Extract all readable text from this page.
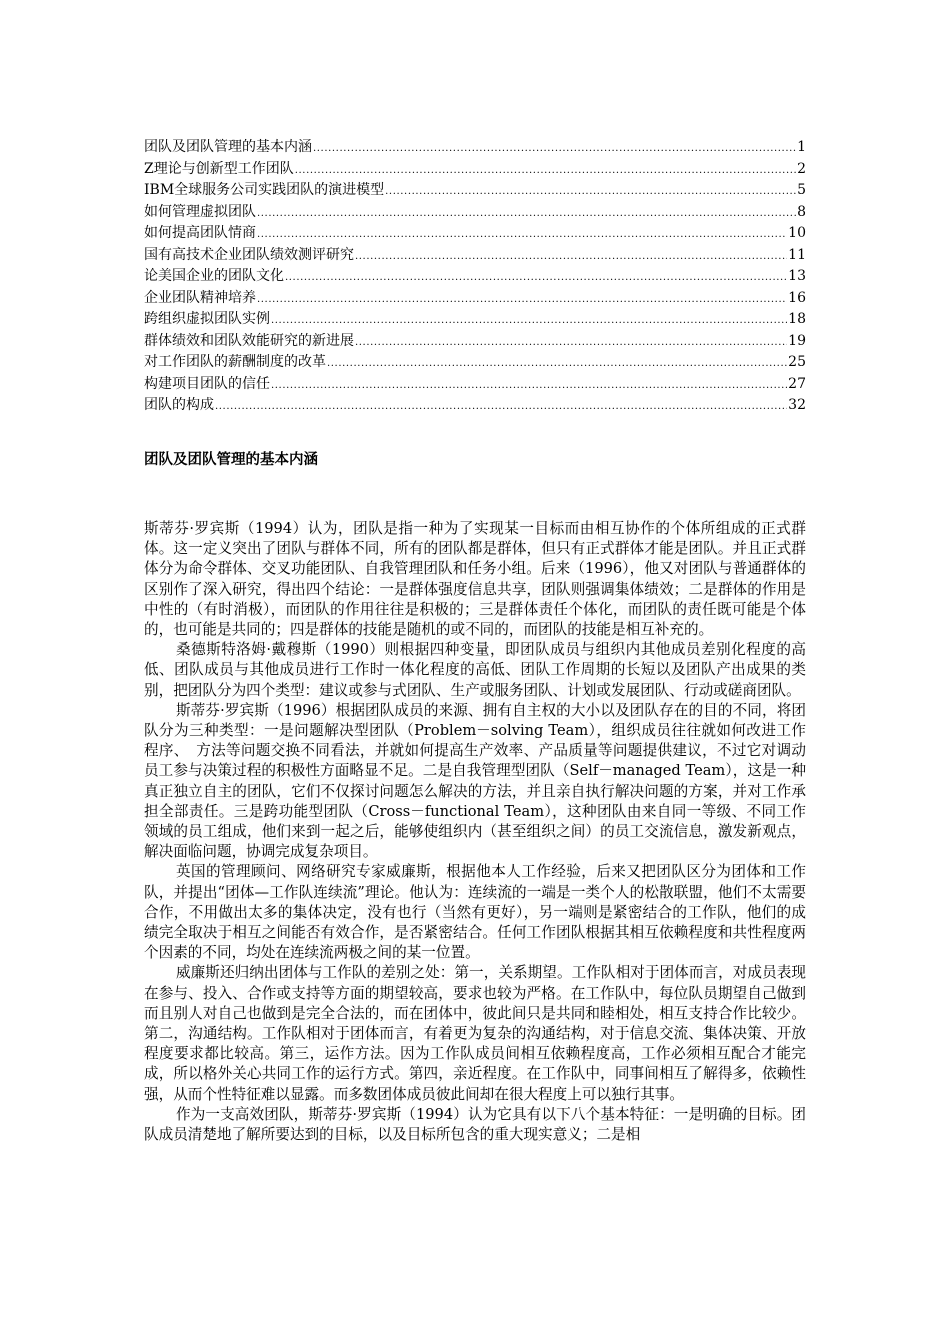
团队及团队管理的基本内涵 .....	1
Z理论与创新型工作团队 .....	2
IBM全球服务公司实践团队的演进模型 .....	5
如何管理虚拟团队 .....	8
如何提高团队情商 .....	10
国有高技术企业团队绩效测评研究 .....	11
论美国企业的团队文化 .....	13
企业团队精神培养 .....	16
跨组织虚拟团队实例 .....	18
群体绩效和团队效能研究的新进展 .....	19
对工作团队的薪酬制度的改革 .....	25
构建项目团队的信任 .....	27
团队的构成 .....	32
团队及团队管理的基本内涵

斯蒂芬·罗宾斯（1994）认为，团队是指一种为了实现某一目标而由相互协作的个体所组成的正式群体。这一定义突出了团队与群体不同，所有的团队都是群体，但只有正式群体才能是团队。并且正式群体分为命令群体、交叉功能团队、自我管理团队和任务小组。后来（1996），他又对团队与普通群体的区别作了深入研究，得出四个结论：一是群体强度信息共享，团队则强调集体绩效；二是群体的作用是中性的（有时消极），而团队的作用往往是积极的；三是群体责任个体化，而团队的责任既可能是个体的，也可能是共同的；四是群体的技能是随机的或不同的，而团队的技能是相互补充的。

桑德斯特洛姆·戴穆斯（1990）则根据四种变量，即团队成员与组织内其他成员差别化程度的高低、团队成员与其他成员进行工作时一体化程度的高低、团队工作周期的长短以及团队产出成果的类别，把团队分为四个类型：建议或参与式团队、生产或服务团队、计划或发展团队、行动或磋商团队。

斯蒂芬·罗宾斯（1996）根据团队成员的来源、拥有自主权的大小以及团队存在的目的不同，将团队分为三种类型：一是问题解决型团队（Problem－solving Team），组织成员往往就如何改进工作程序、　方法等问题交换不同看法，并就如何提高生产效率、产品质量等问题提供建议，不过它对调动员工参与决策过程的积极性方面略显不足。二是自我管理型团队（Self－managed Team），这是一种真正独立自主的团队，它们不仅探讨问题怎么解决的方法，并且亲自执行解决问题的方案，并对工作承担全部责任。三是跨功能型团队（Cross－functional Team），这种团队由来自同一等级、不同工作领域的员工组成，他们来到一起之后，能够使组织内（甚至组织之间）的员工交流信息，激发新观点，解决面临问题，协调完成复杂项目。

英国的管理顾问、网络研究专家威廉斯，根据他本人工作经验，后来又把团队区分为团体和工作队，并提出“团体—工作队连续流”理论。他认为：连续流的一端是一类个人的松散联盟，他们不太需要合作，不用做出太多的集体决定，没有也行（当然有更好），另一端则是紧密结合的工作队，他们的成绩完全取决于相互之间能否有效合作，是否紧密结合。任何工作团队根据其相互依赖程度和共性程度两个因素的不同，均处在连续流两极之间的某一位置。

威廉斯还归纳出团体与工作队的差别之处：第一，关系期望。工作队相对于团体而言，对成员表现在参与、投入、合作或支持等方面的期望较高，要求也较为严格。在工作队中，每位队员期望自己做到而且别人对自己也做到是完全合法的，而在团体中，彼此间只是共同和睦相处，相互支持合作比较少。第二，沟通结构。工作队相对于团体而言，有着更为复杂的沟通结构，对于信息交流、集体决策、开放程度要求都比较高。第三，运作方法。因为工作队成员间相互依赖程度高，工作必须相互配合才能完成，所以格外关心共同工作的运行方式。第四，亲近程度。在工作队中，同事间相互了解得多，依赖性强，从而个性特征难以显露。而多数团体成员彼此间却在很大程度上可以独行其事。

作为一支高效团队，斯蒂芬·罗宾斯（1994）认为它具有以下八个基本特征：一是明确的目标。团队成员清楚地了解所要达到的目标，以及目标所包含的重大现实意义；二是相
